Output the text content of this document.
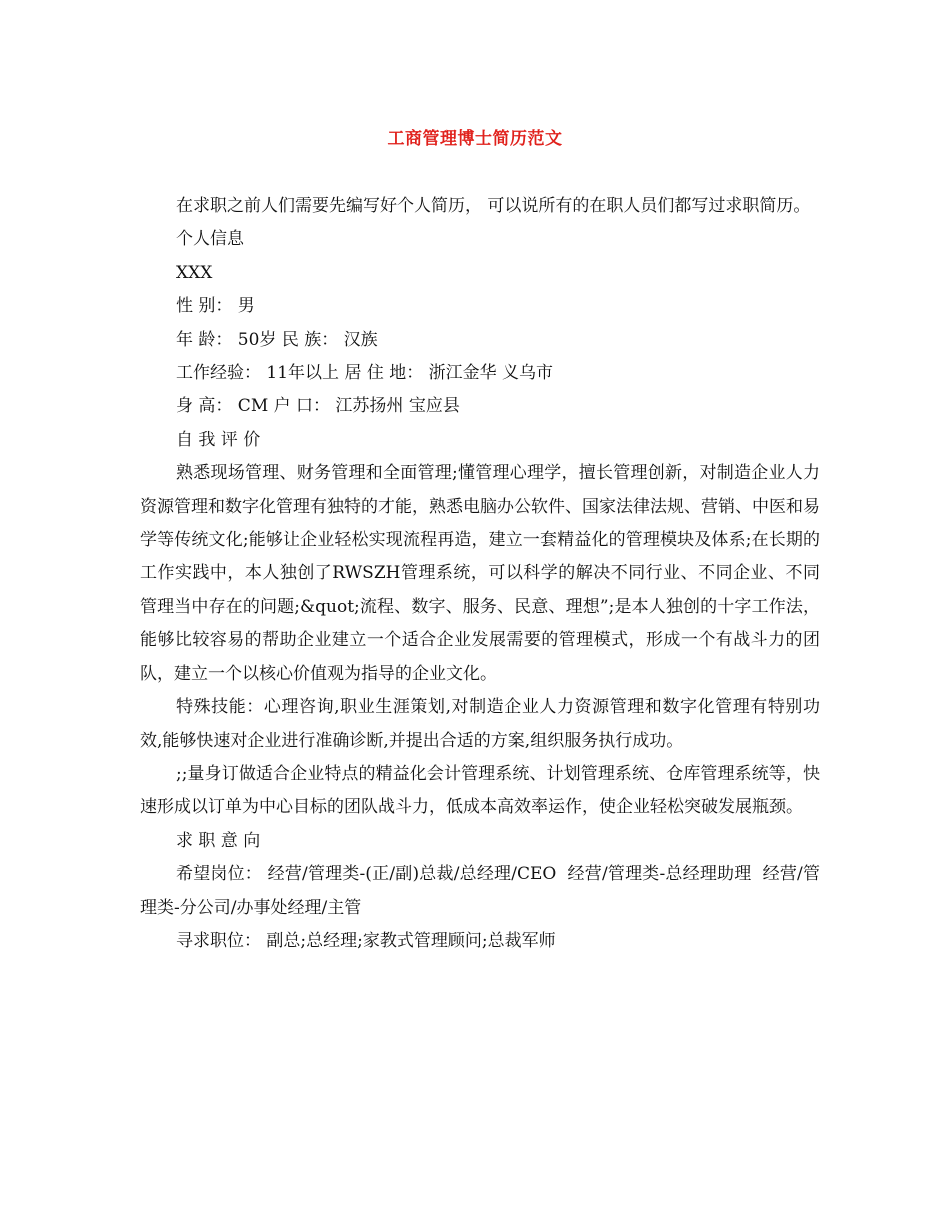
工商管理博士简历范文

在求职之前人们需要先编写好个人简历， 可以说所有的在职人员们都写过求职简历。

个人信息

XXX

性 别： 男

年 龄： 50岁 民 族： 汉族

工作经验： 11年以上 居 住 地： 浙江金华 义乌市

身 高： CM 户 口： 江苏扬州 宝应县

自 我 评 价

熟悉现场管理、财务管理和全面管理;懂管理心理学，擅长管理创新，对制造企业人力资源管理和数字化管理有独特的才能，熟悉电脑办公软件、国家法律法规、营销、中医和易学等传统文化;能够让企业轻松实现流程再造，建立一套精益化的管理模块及体系;在长期的工作实践中，本人独创了RWSZH管理系统，可以科学的解决不同行业、不同企业、不同管理当中存在的问题;&quot;流程、数字、服务、民意、理想”;是本人独创的十字工作法，能够比较容易的帮助企业建立一个适合企业发展需要的管理模式，形成一个有战斗力的团队，建立一个以核心价值观为指导的企业文化。

特殊技能：心理咨询,职业生涯策划,对制造企业人力资源管理和数字化管理有特别功效,能够快速对企业进行准确诊断,并提出合适的方案,组织服务执行成功。

;;量身订做适合企业特点的精益化会计管理系统、计划管理系统、仓库管理系统等，快速形成以订单为中心目标的团队战斗力，低成本高效率运作，使企业轻松突破发展瓶颈。

求 职 意 向

希望岗位： 经营/管理类-(正/副)总裁/总经理/CEO  经营/管理类-总经理助理  经营/管理类-分公司/办事处经理/主管

寻求职位： 副总;总经理;家教式管理顾问;总裁军师
